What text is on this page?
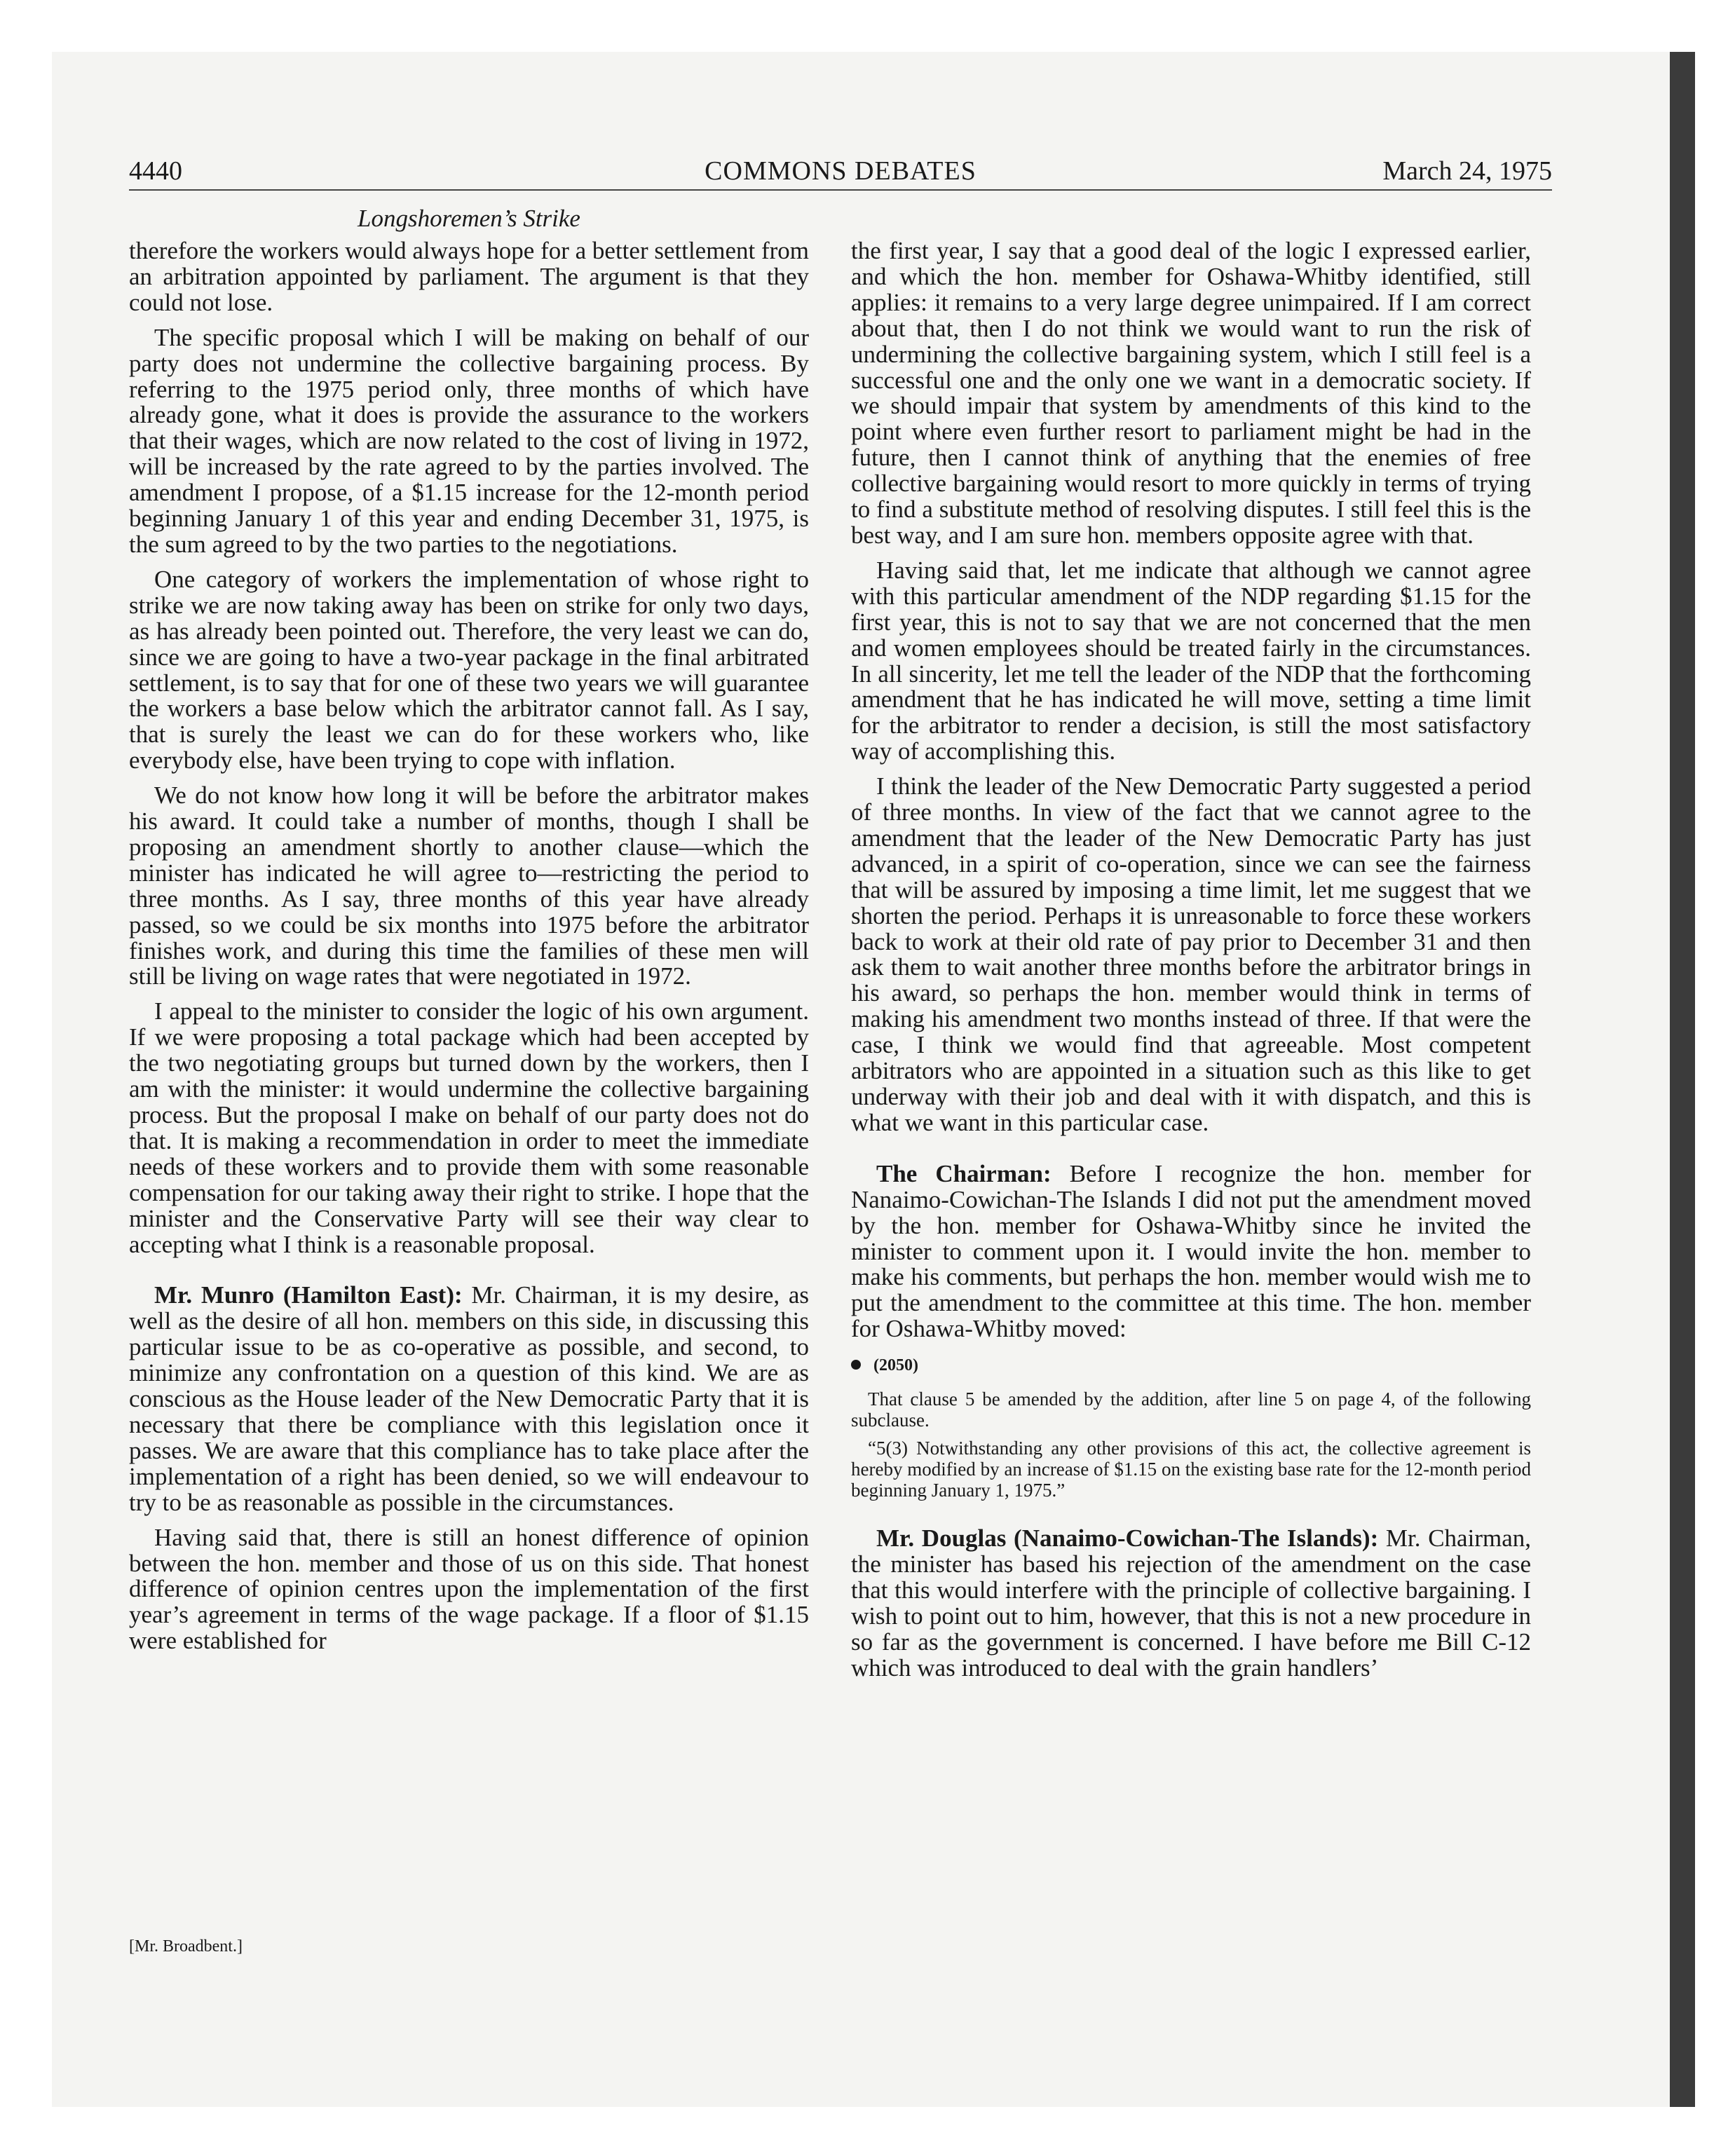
4440	COMMONS DEBATES	March 24, 1975
Longshoremen’s Strike

therefore the workers would always hope for a better settlement from an arbitration appointed by parliament. The argument is that they could not lose.

The specific proposal which I will be making on behalf of our party does not undermine the collective bargaining process. By referring to the 1975 period only, three months of which have already gone, what it does is provide the assurance to the workers that their wages, which are now related to the cost of living in 1972, will be increased by the rate agreed to by the parties involved. The amendment I propose, of a $1.15 increase for the 12-month period beginning January 1 of this year and ending December 31, 1975, is the sum agreed to by the two parties to the negotiations.

One category of workers the implementation of whose right to strike we are now taking away has been on strike for only two days, as has already been pointed out. Therefore, the very least we can do, since we are going to have a two-year package in the final arbitrated settlement, is to say that for one of these two years we will guarantee the workers a base below which the arbitrator cannot fall. As I say, that is surely the least we can do for these workers who, like everybody else, have been trying to cope with inflation.

We do not know how long it will be before the arbitrator makes his award. It could take a number of months, though I shall be proposing an amendment shortly to another clause—which the minister has indicated he will agree to—restricting the period to three months. As I say, three months of this year have already passed, so we could be six months into 1975 before the arbitrator finishes work, and during this time the families of these men will still be living on wage rates that were negotiated in 1972.

I appeal to the minister to consider the logic of his own argument. If we were proposing a total package which had been accepted by the two negotiating groups but turned down by the workers, then I am with the minister: it would undermine the collective bargaining process. But the proposal I make on behalf of our party does not do that. It is making a recommendation in order to meet the immediate needs of these workers and to provide them with some reasonable compensation for our taking away their right to strike. I hope that the minister and the Conservative Party will see their way clear to accepting what I think is a reasonable proposal.

Mr. Munro (Hamilton East): Mr. Chairman, it is my desire, as well as the desire of all hon. members on this side, in discussing this particular issue to be as co-operative as possible, and second, to minimize any confrontation on a question of this kind. We are as conscious as the House leader of the New Democratic Party that it is necessary that there be compliance with this legislation once it passes. We are aware that this compliance has to take place after the implementation of a right has been denied, so we will endeavour to try to be as reasonable as possible in the circumstances.

Having said that, there is still an honest difference of opinion between the hon. member and those of us on this side. That honest difference of opinion centres upon the implementation of the first year’s agreement in terms of the wage package. If a floor of $1.15 were established for

the first year, I say that a good deal of the logic I expressed earlier, and which the hon. member for Oshawa-Whitby identified, still applies: it remains to a very large degree unimpaired. If I am correct about that, then I do not think we would want to run the risk of undermining the collective bargaining system, which I still feel is a successful one and the only one we want in a democratic society. If we should impair that system by amendments of this kind to the point where even further resort to parliament might be had in the future, then I cannot think of anything that the enemies of free collective bargaining would resort to more quickly in terms of trying to find a substitute method of resolving disputes. I still feel this is the best way, and I am sure hon. members opposite agree with that.

Having said that, let me indicate that although we cannot agree with this particular amendment of the NDP regarding $1.15 for the first year, this is not to say that we are not concerned that the men and women employees should be treated fairly in the circumstances. In all sincerity, let me tell the leader of the NDP that the forthcoming amendment that he has indicated he will move, setting a time limit for the arbitrator to render a decision, is still the most satisfactory way of accomplishing this.

I think the leader of the New Democratic Party suggested a period of three months. In view of the fact that we cannot agree to the amendment that the leader of the New Democratic Party has just advanced, in a spirit of co-operation, since we can see the fairness that will be assured by imposing a time limit, let me suggest that we shorten the period. Perhaps it is unreasonable to force these workers back to work at their old rate of pay prior to December 31 and then ask them to wait another three months before the arbitrator brings in his award, so perhaps the hon. member would think in terms of making his amendment two months instead of three. If that were the case, I think we would find that agreeable. Most competent arbitrators who are appointed in a situation such as this like to get underway with their job and deal with it with dispatch, and this is what we want in this particular case.

The Chairman: Before I recognize the hon. member for Nanaimo-Cowichan-The Islands I did not put the amendment moved by the hon. member for Oshawa-Whitby since he invited the minister to comment upon it. I would invite the hon. member to make his comments, but perhaps the hon. member would wish me to put the amendment to the committee at this time. The hon. member for Oshawa-Whitby moved:

(2050)

That clause 5 be amended by the addition, after line 5 on page 4, of the following subclause.

“5(3) Notwithstanding any other provisions of this act, the collective agreement is hereby modified by an increase of $1.15 on the existing base rate for the 12-month period beginning January 1, 1975.”

Mr. Douglas (Nanaimo-Cowichan-The Islands): Mr. Chairman, the minister has based his rejection of the amendment on the case that this would interfere with the principle of collective bargaining. I wish to point out to him, however, that this is not a new procedure in so far as the government is concerned. I have before me Bill C-12 which was introduced to deal with the grain handlers’

[Mr. Broadbent.]
